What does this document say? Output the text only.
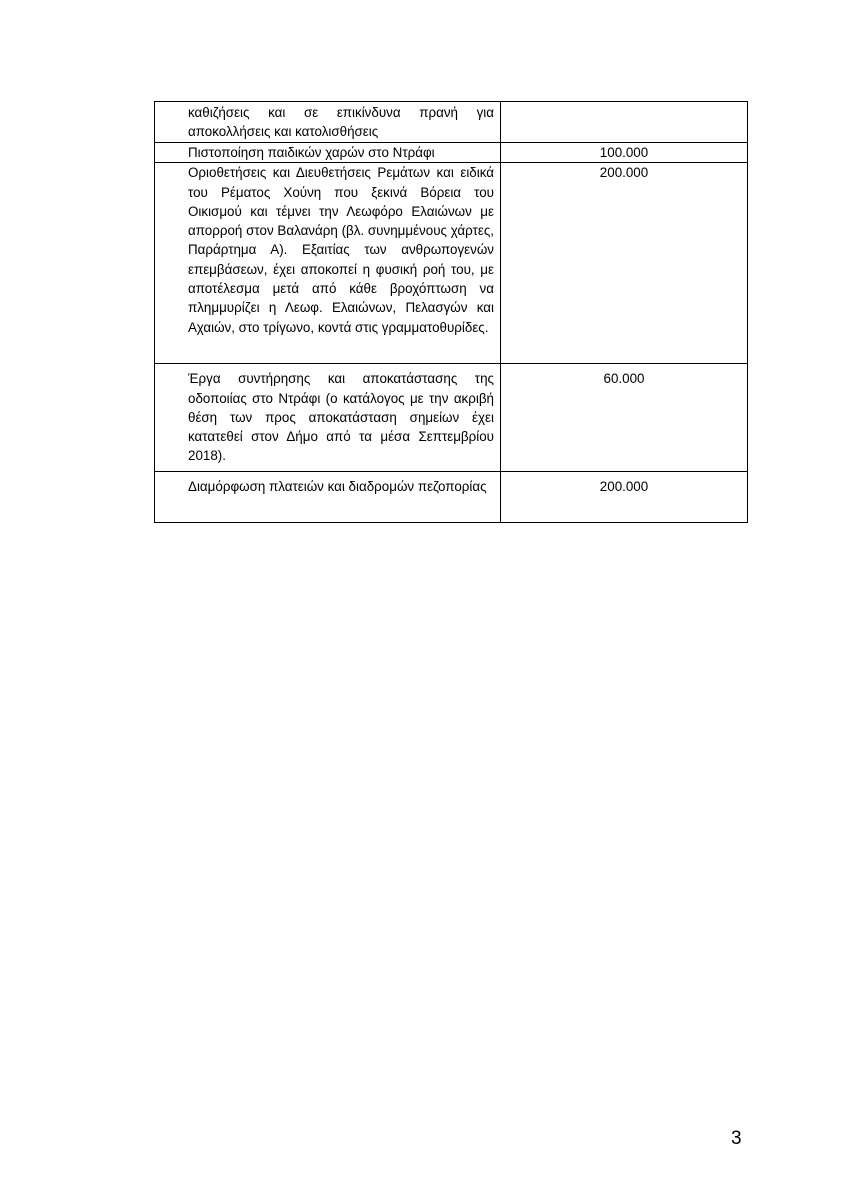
καθιζήσεις και σε επικίνδυνα πρανή για αποκολλήσεις και κατολισθήσεις	

Πιστοποίηση παιδικών χαρών στο Ντράφι	100.000

Οριοθετήσεις και Διευθετήσεις Ρεμάτων και ειδικά του Ρέματος Χούνη που ξεκινά Βόρεια του Οικισμού και τέμνει την Λεωφόρο Ελαιώνων με απορροή στον Βαλανάρη (βλ. συνημμένους χάρτες, Παράρτημα Α). Εξαιτίας των ανθρωπογενών επεμβάσεων, έχει αποκοπεί η φυσική ροή του, με αποτέλεσμα μετά από κάθε βροχόπτωση να πλημμυρίζει η Λεωφ. Ελαιώνων, Πελασγών και Αχαιών, στο τρίγωνο, κοντά στις γραμματοθυρίδες.	200.000

Έργα συντήρησης και αποκατάστασης της οδοποιίας στο Ντράφι (ο κατάλογος με την ακριβή θέση των προς αποκατάσταση σημείων έχει κατατεθεί στον Δήμο από τα μέσα Σεπτεμβρίου 2018).	60.000

Διαμόρφωση πλατειών και διαδρομών πεζοπορίας	200.000
3
